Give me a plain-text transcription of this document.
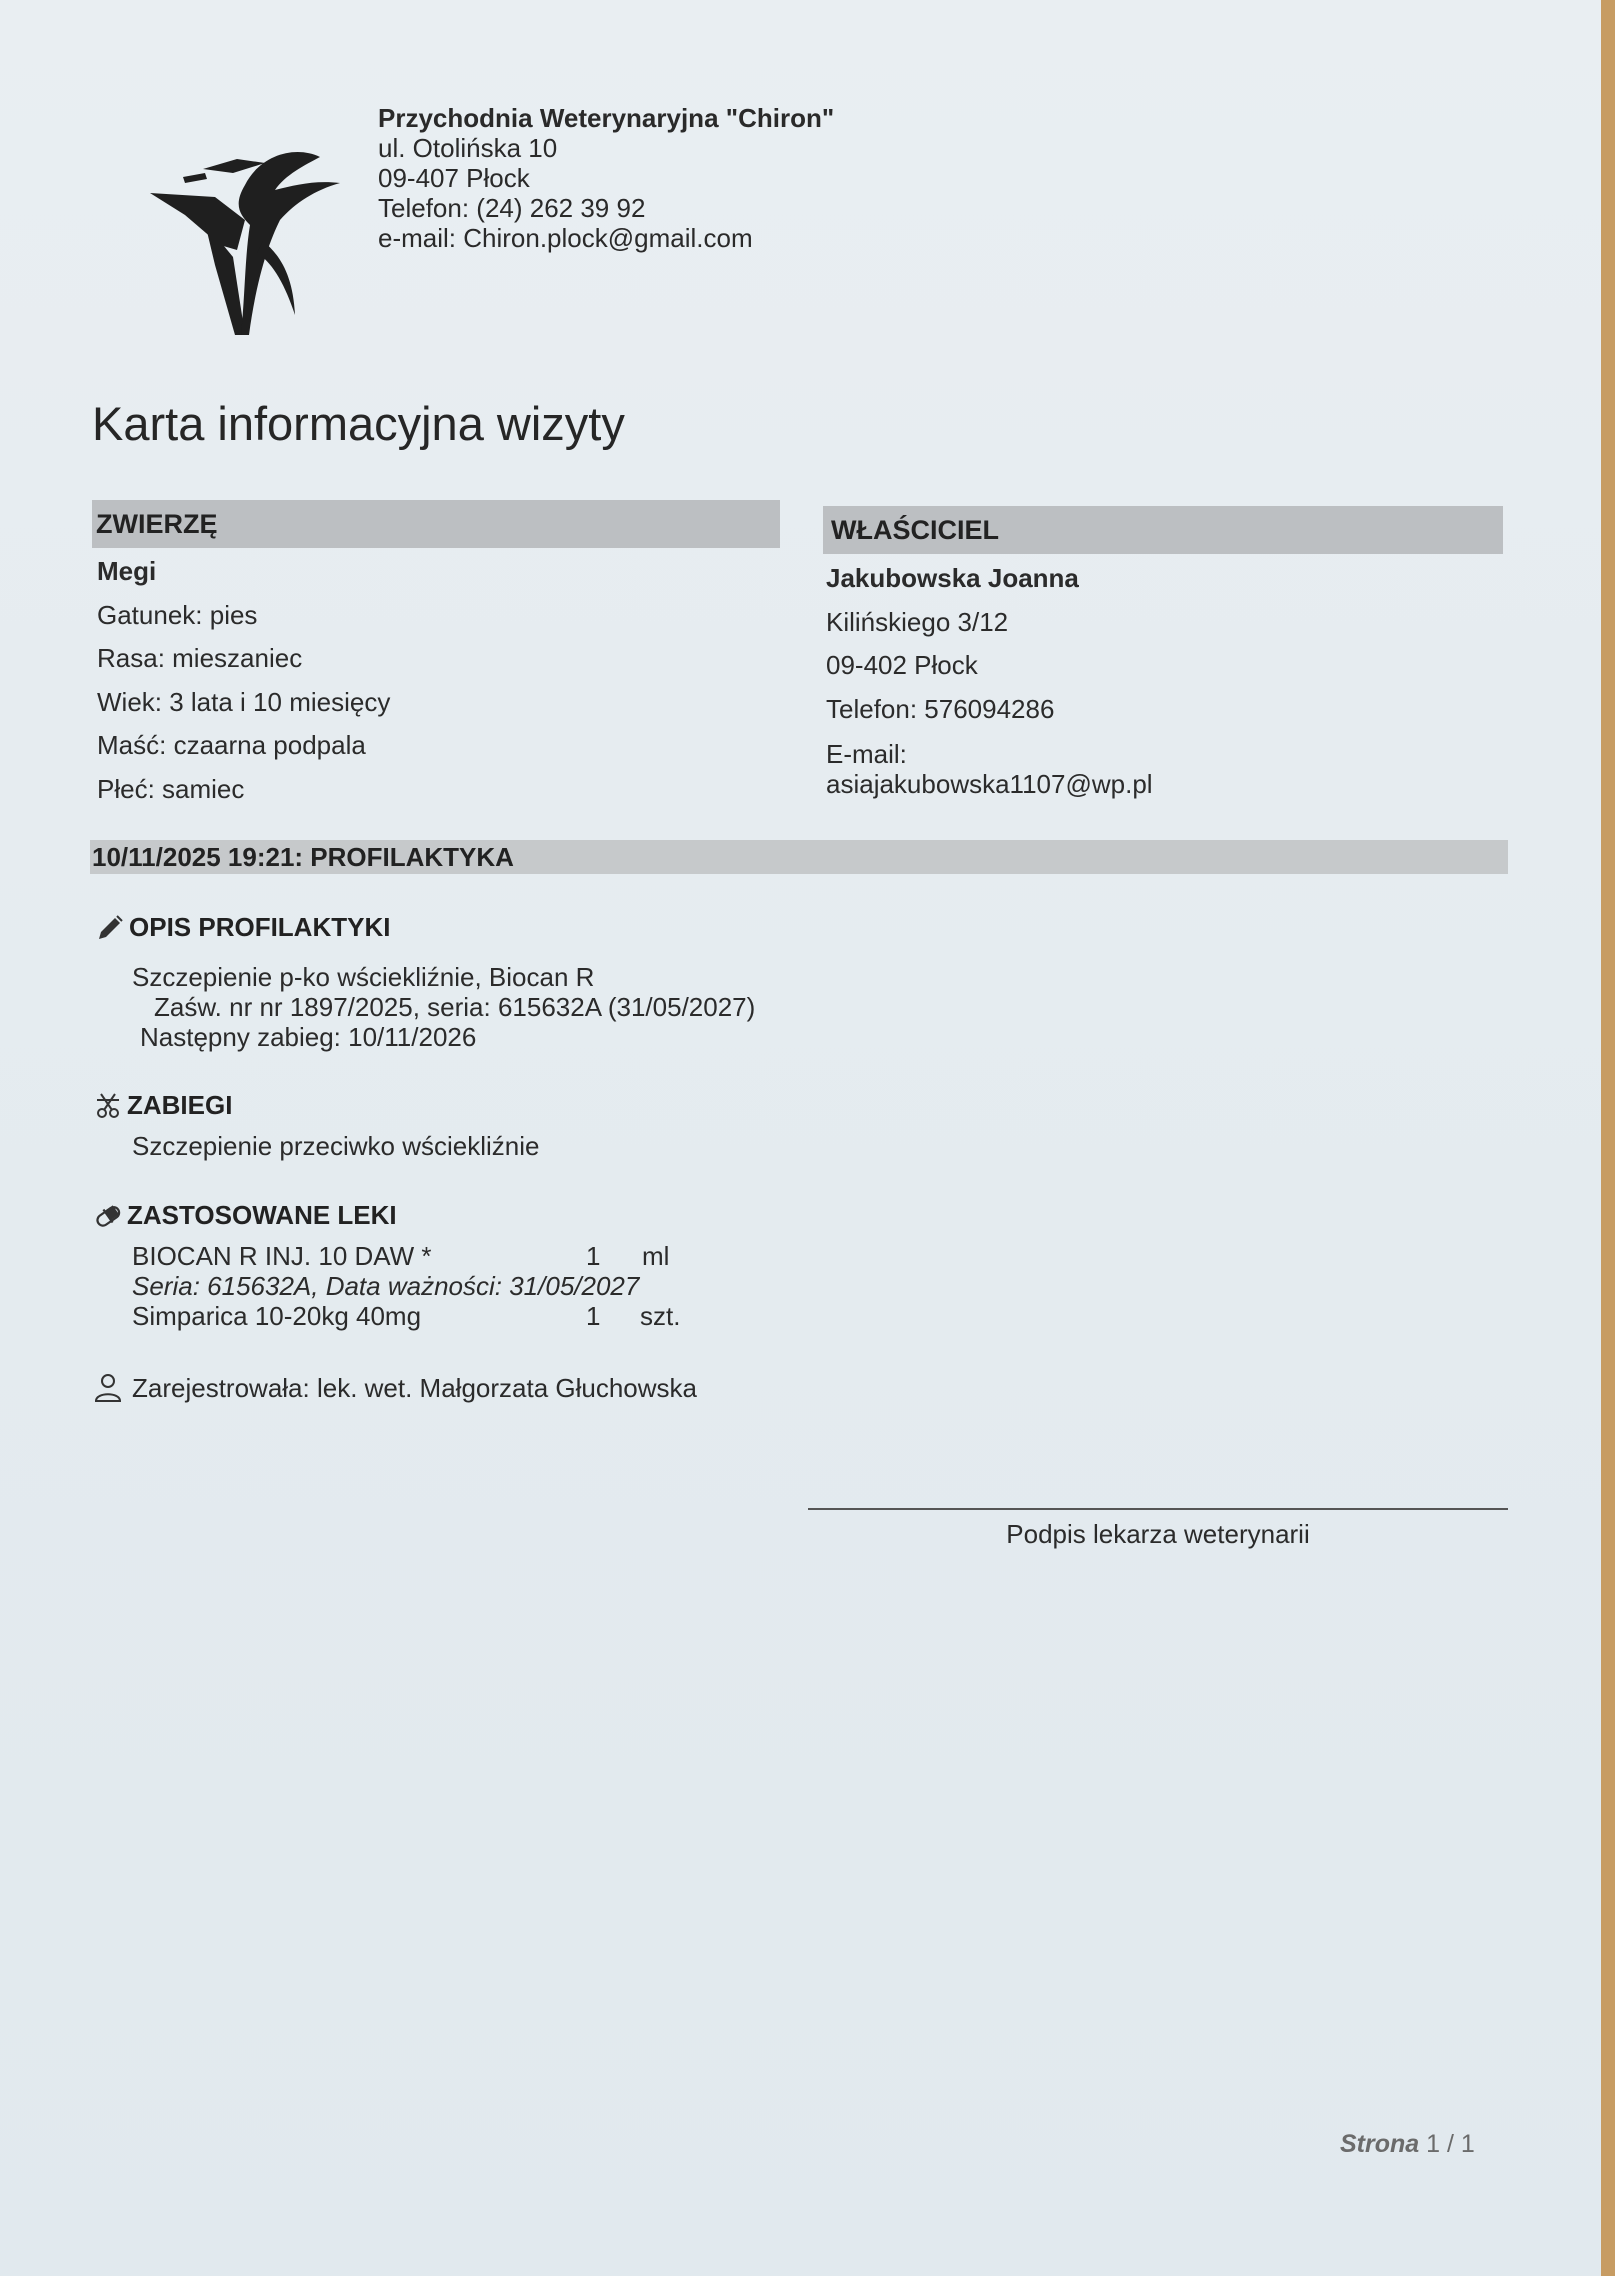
Przychodnia Weterynaryjna "Chiron"
ul. Otolińska 10
09-407 Płock
Telefon: (24) 262 39 92
e-mail: Chiron.plock@gmail.com
Karta informacyjna wizyty
ZWIERZĘ
Megi
Gatunek: pies
Rasa: mieszaniec
Wiek: 3 lata i 10 miesięcy
Maść: czaarna podpala
Płeć: samiec
WŁAŚCICIEL
Jakubowska Joanna
Kilińskiego 3/12
09-402 Płock
Telefon: 576094286
E-mail:
asiajakubowska1107@wp.pl
10/11/2025 19:21: PROFILAKTYKA
OPIS PROFILAKTYKI
Szczepienie p-ko wściekliźnie, Biocan R
Zaśw. nr nr 1897/2025, seria: 615632A (31/05/2027)
Następny zabieg: 10/11/2026
ZABIEGI
Szczepienie przeciwko wściekliźnie
ZASTOSOWANE LEKI
BIOCAN R INJ. 10 DAW *	1 ml
Seria: 615632A, Data ważności: 31/05/2027
Simparica 10-20kg 40mg	1 szt.
Zarejestrowała: lek. wet. Małgorzata Głuchowska
Podpis lekarza weterynarii
Strona 1 / 1
